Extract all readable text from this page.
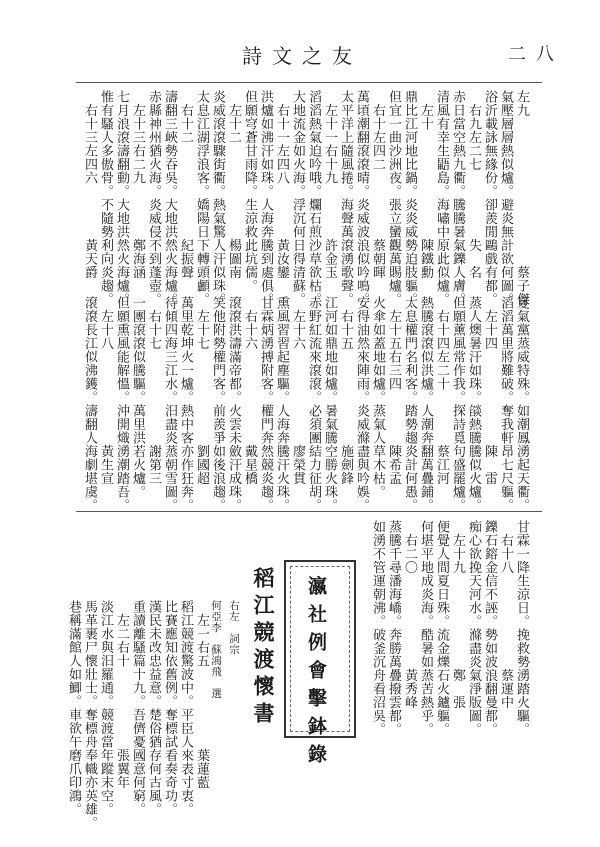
詩文之友	二八
左九　　　　　　　　　　　蔡子傑
氣壓層層熱似爐。避炎無計欲何圖。
浴沂載詠無緣份。卻羨閒鷗戲有都。
　右九左二七　　　　　失　名
赤日當空熱九衢。騰騰暑氣鑠人膚。
清風有幸生鼯島。海嘯中原此似爐。
　左十　　　　　　　　陳鐵勳
鼎比江河地比鍋。炎炎威勢迫肢軀。
但宜一曲沙洲夜。張立蠻觀萬賜爐。
　右十左四二　　　　　蔡朝暉
萬頃潮翻滾滾晴。炎威波浪似吟鳴。
太平洋上隨風捲。海聲萬滾湧歌聲。
　左十一右十九　　　　許金玉
滔滔熱氣迫吟哦。爛石煎沙草欲枯。
大地流金如火海。浮沉何日得清蘇。
　右十一左四八　　　　黃汝鑾
洪爐如沸汗如珠。人海奔騰到處俱。
但願穹蒼甘雨降。生涼救此坑儒。
　左十二　　　　　　　楊圖南
炎威滾滾驟街衢。熱氣驚人汗似珠。
太息江湖浮浪客。嬌陽日下轉頭顱。
　右十二　　　　　　　紀振聲
濤翻三峽勢吞吳。大地洪然火海爐。
赤縣神州猶火海。炎威侵不到蓬壺。
　左十三右二九　　　　鄭海涵
七月浪滾濤翻動。大地洪然火海爐。
惟有騷人多傲骨。不隨勢利向炎趨。
　右十三左四六　　　　黃天爵
夏氣黨蒸威特殊。如潮鳳湧起天衢。
滔滔萬里將難破。奪我軒昂七尺軀。
　左十四　　　　　　　陳　雷
蒸人燠暑汗如珠。燄熱騰騰似火爐。
但願薰風常作我。探詩覓句盛罷爐。
　右十四左二十　　　　蔡江河
熱騰滾滾似洪爐。人潮奔翻萬疊鋪。
太息權門名利客。踏勢趨炎計何愚。
　左十五右三四　　　　陳希孟
火傘如蓋地如爐。蒸氣人草木枯。
安得油然來陣雨。炎威滌盡與吟娛。
　右十五　　　　　　　施劍鋒
江河如鼎地如爐。暑氣騰空勝火珠。
赤野紅流來滾滾。必須團結力征胡。
　左十六　　　　　　　廖榮貫
熏風習習起塵驅。人海奔騰汗火珠。
甘霖炳湧搏附客。權門奔然競炎趨。
　右十六　　　　　　　戴星橋
滾滾洪濤滿帝都。火雲未斂汗成珠。
笑他附勢權門客。前羨爭如後浪趨。
　左十七　　　　　　　劉國超
萬里乾坤火一爐。熱中客亦作狂奔。
待傾四海三江水。汨盡炎蒸朝雪圖。
　右十七　　　　　　　謝第三
一團滾滾似騰驅。萬里洪若火爐。
但願熏風能解慍。沖開熾湧潮踏吾。
　左十八　　　　　　　黃生宣
滾滾長江似沸鑊。濤翻人海劇堪虞。
甘霖一降生涼日。挽救勢湧踏火驅。
　右十八　　　　　　　蔡運中
鑠石鎔金信不誣。勢如波浪翻曼都。
痴心欲挽天河水。滌盡炎氣淨版圖。
　左十九　　　　　　　鄭　張
便覺人間夏日殊。流金爍石火鑪軀。
何堪平地成炎海。酷暑如蒸苦熱乎。
　右二〇　　　　　　　黃秀峰
蒸騰千尋潘海嶠。奔勝萬疊撥雲都。
如湧不管運朝沸。破釜沉舟看沼吳。
瀛社例會擊鉢錄
稻江競渡懷書
右左　詞宗
何亞李　蘇鴻飛　選
　左一右五　　　　　　葉蓮藍
稻江競渡驚波中。平臣人來表寸衷。
比賽應知依舊例。奪標試看奏奇功。
漢民未改忠益意。楚俗猶存何古風。
重讀離騷篇十九。吾儕憂國意何窮。
　左二右十　　　　　　張翼年
淡江水與汨羅通。競渡當年蹤末空。
馬革裹尸懷壯士。奪標舟奉幟亦英雄。
巷稱滿館人如鯽。車欲午磨爪印鴻。
